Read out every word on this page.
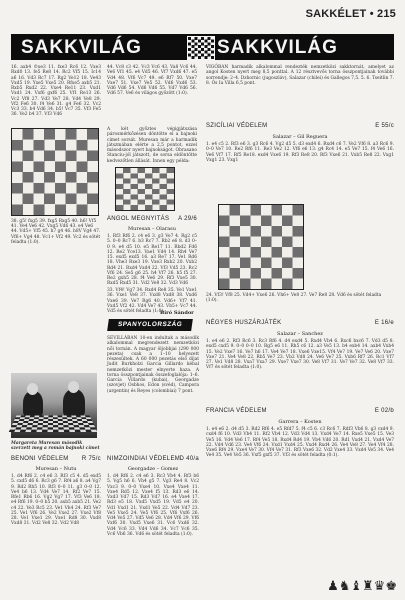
SAKKÉLET • 215
SAKKVILÁG	SAKKVILÁG
16. axb4 ©xe3 11. fxe3 Rc6 12. Vxe3 Rxd0 13. fe5 Re8 14. Rc2 Vf5 15. Ic14 a6 16. Vd3 Rc7 17. Rg2 Ve12 18. Ve43 Vxd5 19. Yxe5 Vxe5 20. Rfxe5 axb5 21. Rxb5 Rxd2 22. Vxe4 Re11 23. Vxd1 Vxd1 24. Vxf6 gxf6 25. Vf1 Re13 26. Vc2 Vf8 27. Vd3 Ve7 28. Vd4 Ve8 29. Vf2 Fe6 30. f4 Ve6 31. g4 Fe6 32. Vc2 Vc3 33. b4 Vd6 34. b5! Vc7 35. Vf3 Fe5 36. Ve2 b4 37. Vf3 Vd6
38. g5! fxg5 39. fxg5 Rxg5 40. h6! Vf5 41. Ve4 Ve6 42. Vxg5 Vd6 43. e4 Ve6 44. Vd5+ Vf5 45. h7 g4 46. h8V Vg4 47. Vf6+ Vg4 48. Vc1+ Vf2 49. Vc2 és sötét feladta (1:0).
44. Vc8 c3 42. Vc3 Vc6 43. Va8 Vc6 44. Ve6 Vf1 45. e4 Vd5 46. Vf7 Vxd6 47. e5 Vd4 48. Vf6 Vc7 49. e6 Rf7 50. Vxe7 Vxe7 51. Vxe7 Ve5 52. Vd6 Vxd6 53. Vd6 Vd6 54. Vd6 Vd6 55. Vd7 Vd6 56. Vd6 57. Ve6 és világos győzött (1:0).
A két győztes végigjátszása párosmérkőzésen döntötte el a bajnoki címet sorsát. Muresan már a harmadik játszmában elérte a 2,5 pontot, ezzel másodszor nyert bajnokságot. Obrasano Stanciu-jól játszott, de sorsa eldöntötte kedvezőtlen állását. Innen egy példa:
ANGOL MEGNYITÁS A 29/6
Muresan – Olarasu
1. Rf3 Rf6 2. c4 e6 3. g3 Ve7 4. Rg2 c5 5. 0–0 Rc7 6. b3 Rc7 7. Rb2 e6 8. d3 0–0 9. e4 d5 10. e5 Re17 11. Rbd2 Fd6 12. Re2 Yce13. Vae1 Vd4 14. Rh4 Ve7 15. exd5 exd5 16. a3 Re7 17. Ve1 Rd6 18. Vhe3 Rxe3 19. Vxe3 Rxb2 20. Vxb2 Rd4 21. Rxd4 Vxd4 22. Vf3 Vd5 23. Rc2 Vf6 24. Se5 g6 25. h4 Vf7 26. h5 f5 27. Re2 gxh5 28. f4 Ve6 29. Rf3 Vxe5 30. Rxd5 Rxd5 31. Vd2 Ve8 32. Vd3 Vd6
33. Vf4! Vg7 34. Rxd4 Re8 35. Ve1 Vxe1 36. Vxe1 Ve8 37. Vxd8 Vxd8 38. Vxd6 Vxe6 39. Ve7 Rg6 40. Vd6+ Vf7 41. Vxd5 Vf2 42. Vd4 Ve7 43. Vb5+ Vc7 44. Vd5 és sötét feladta (1:0).
Bíró Sándor
SPANYOLORSZÁG
SEVILLÁBAN 10-en indultak a második alkalommal megrendezett nemzetközi női tornán. A magyar öljobbjai (290 000 pezeta) csak a 1–10 helyezett részesültek. A 60 000 pezetás első díjat Judit Burkholzi Garcia Gillardo kébal nemzetközi mester elnyerte haza. A torna összpontjainak összefoglalója: 1–6. Garcia Villardo (kubai), Georgadze (szovjet) Osbhos, Edon (svéd), Campora (argentin) és Reyes (colombiai) 7 pont.
Margareta Muresan második szerzett meg a román bajnoki címet
BENONI VÉDELEM R 75/c
Muresan – Nutu
1. d4 Rf6 2. c4 e6 3. Rf3 c5 4. d5 exd5 5. cxd5 d6 6. Rc3 g6 7. Rf4 a6 8. a4 Vg7 9. Rd2 Rh5 10. Rf3 0–0 11. g3 0–0 12. Ve4 b6 13. Vd4 Ve7 14. Rf2 Ve7 15. Rfe1 Rb6 16. Vg2 Vg7 17. Vf3 Ve6 18. e4 Rf6 19. 0–0 b5 20. axb5 axb5 21. Ve2 c4 22. Ve3 Rc5 23. Ve1 Vh4 24. Rf3 Ve7 25. Ve1 Vf6 26. Ve2 Vxe2 27. Vxe2 Vf8 28. Ve1 Vxe1 29. Vxe1 Rd8 30. Vxd8 Vxd8 31. Vd2 Ve8 32. Vd2 Vd8
NIMZOINDIAI VÉDELEM D 40/a
Georgadze – Gomez
1. d4 Rf6 2. c4 e6 3. Rc3 Vb4 4. Rf3 b6 5. Vg5 h6 6. Vh4 g5 7. Vg3 Re4 8. Vc2 Vxc3 9. 0–0 Vxe4 10. Vxe4 Vxe4 11. Vxe4 Rd5 12. Vxe4 f5 13. Rd3 e6 14. Vxd3 Vd7 15. Rd3 Vd7 16. e4 Vxe4 17. Rd3 e5 18. Vxd5 Vxd5 19. Vd5 e4 20. Vd1 Vxd1 21. Vxd1 Ve5 22. Vd4 Vd7 23. Ve5 Vxe5 24. Ve5 Vf6 25. Vf6 Vxf6 26. Vd4 Ve5 27. Vd5 Ve6 28. Vd4 Vf6 29. Vf6 Vxf6 30. Vxd5 Vxe6 31. Vc6 Vxd6 32. Vd4 Vc6 33. Vd4 Vd6 34. Vc7 Vc6 35. Vc6 Vb6 36. Vd6 és sötét feladta (1:0).
VIGÓBAN harmadik alkalommal rendezték nemzetközi sakktornát, amelyet az angol Kosten nyert meg 8,5 ponttal. A 12 résztvevős torna összpontjainak további sorrendje: 2–4. Dzhornic (jugoszláv), Salazar (chilei) és Gallegos 7,5. 5. 6. Tseitlin 7. 8. Ós Ia Villa 6,5 pont.
SZICÍLIAI VÉDELEM	E 55/c
Salazar – Gil Reguera
1. e4 c5 2. Rf3 e6 3. g3 Rc6 4. Vg2 d5 5. d3 exd4 6. Rxd4 c6 7. Ve2 Vf6 8. a3 Rc6 9. 0–0 Ve7 10. Re2 Rf6 11. Re3 Ve2 12. Vf6 e6 13. g4 Rc4 14. e5 Ve7 15. f4 Ve6 16. Ve6 Vf7 17. Rf5 Re18. exd4 Vxe6 19. Rf3 Re8 20. Rf3 Vxe6 21. Vxb5 Re8 22. Vxg1 Vxg1 23. Vxg1
24. Vf3! Vf8 25. Vd4+ Vxe6 26. Vh6+ Ve8 27. Ve7 Re8 28. Vd6 és sötét feladta (1:0).
NÉGYES HUSZÁRJÁTÉK	E 16/e
Salazar – Sanchez
1. e4 e6 2. Rf3 Rc6 3. Rc3 Rf6 4. d4 exd4 5. Rxd4 Vb4 6. Rxc6 bxc6 7. Vd3 d5 8. exd5 cxd5 9. 0–0 0–0 10. Rg5 e6 11. Rh5 c6 12. a3 Ve5 13. b4 exb4 14. axb4 Vxb4 15. Ve2 Vxe7 16. Ve7 h6 17. Ve4 Ve7 18. Vxe6 Vxe15. Vf4 Ve7 19. Ve7 Ve6 20. Vxe7 Vxe7 21. Ve4 Ve8 22. Rb5 Ve7 23. Vb2 Vd8 24. Ve6 Ve7 25. Vxb6 Rf7 26. Rc1 Vf7 27. Ve1 Vd8 28. Vxa7 Vxa7 29. Vxe7 Vxe7 30. Ve8 Vf7 31. Ve7 Ve7 32. Ve8 Vf7 33. Vf7 és sötét feladta (1:0).
FRANCIA VÉDELEM	E 02/b
Garrera – Kosten
1. e4 e6 2. d4 d5 3. Rd2 Rf6 4. e5 Rfd7 5. f4 c5 6. c3 Rc6 7. Rdf3 Vb6 8. g3 cxd4 9. cxd4 f6 10. Vd3 Vb4 11. Rf2 Vb4 12. Vd3 Vd4 13. Vxd4 Ve7 14. Rxe5 Vxe5 15. Ve3 Ve5 16. Vd4 Ve6 17. Rf4 Ve5 18. Rxd4 Rd4 19. Vb4 Vd6 20. Rd1 Vxd4 21. Vxd4 Ve7 22. Vd4 Vd6 23. Ve4 Vf6 24. Vxd1 Vxd4 25. Vxd4 Rxd4 26. Ve4 Ve8 27. Ve4 Vf4 28. Vxe6 Rf4 29. Vxe4 Ve7 30. Vf4 Ve7 31. Rf3 Vxe6 32. Vd2 Vxe4 33. Vxd4 Ve5 34. Ve4 Ve4 35. Ve4 Ve5 36. Vxf5 gxf5 37. Vf3 és sötét feladta (0:1).
♟♞♝♜♛♚
